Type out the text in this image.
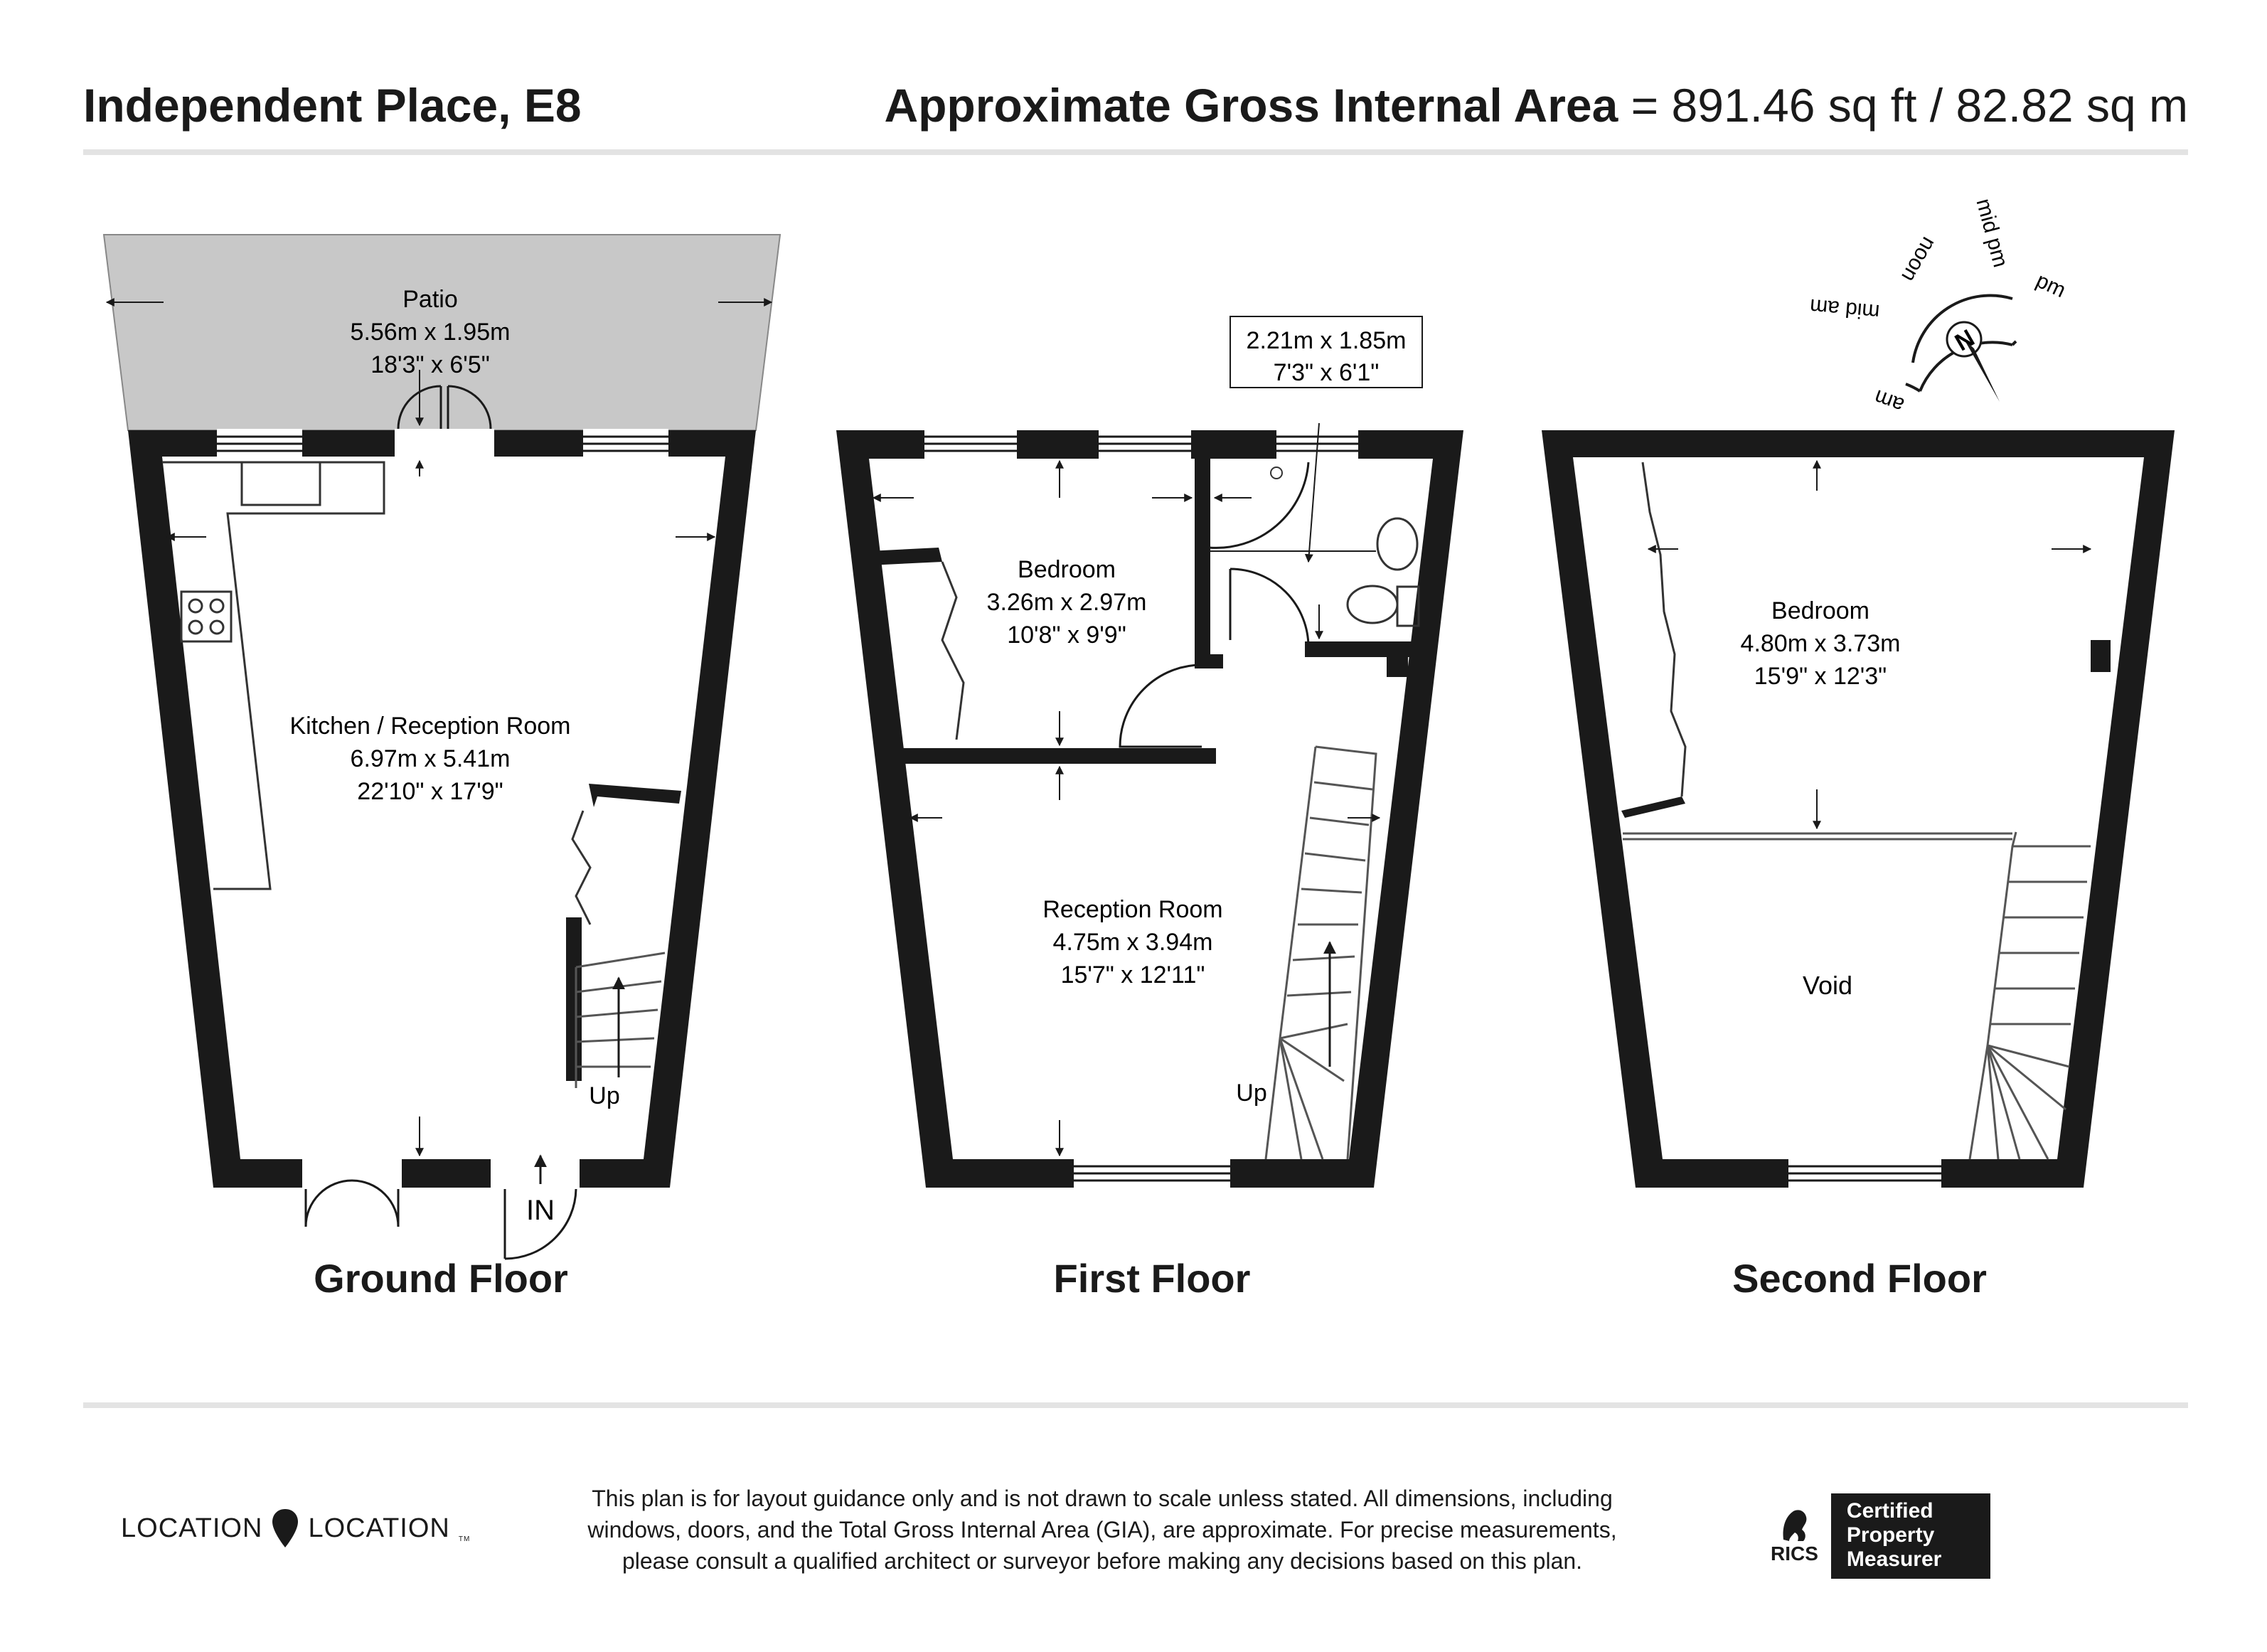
Independent Place, E8	Approximate Gross Internal Area = 891.46 sq ft / 82.82 sq m
Patio
5.56m x 1.95m
18'3" x 6'5"
Kitchen / Reception Room
6.97m x 5.41m
22'10" x 17'9"
Up
IN
2.21m x 1.85m
7'3" x 6'1"
Bedroom
3.26m x 2.97m
10'8" x 9'9"
Reception Room
4.75m x 3.94m
15'7" x 12'11"
Up
Bedroom
4.80m x 3.73m
15'9" x 12'3"
Void
N
am
mid am
noon mid pm
pm
Ground Floor	First Floor	Second Floor
LOCATION LOCATION TM
This plan is for layout guidance only and is not drawn to scale unless stated. All dimensions, including
windows, doors, and the Total Gross Internal Area (GIA), are approximate. For precise measurements,
please consult a qualified architect or surveyor before making any decisions based on this plan.	RICS
Certified
Property
Measurer
